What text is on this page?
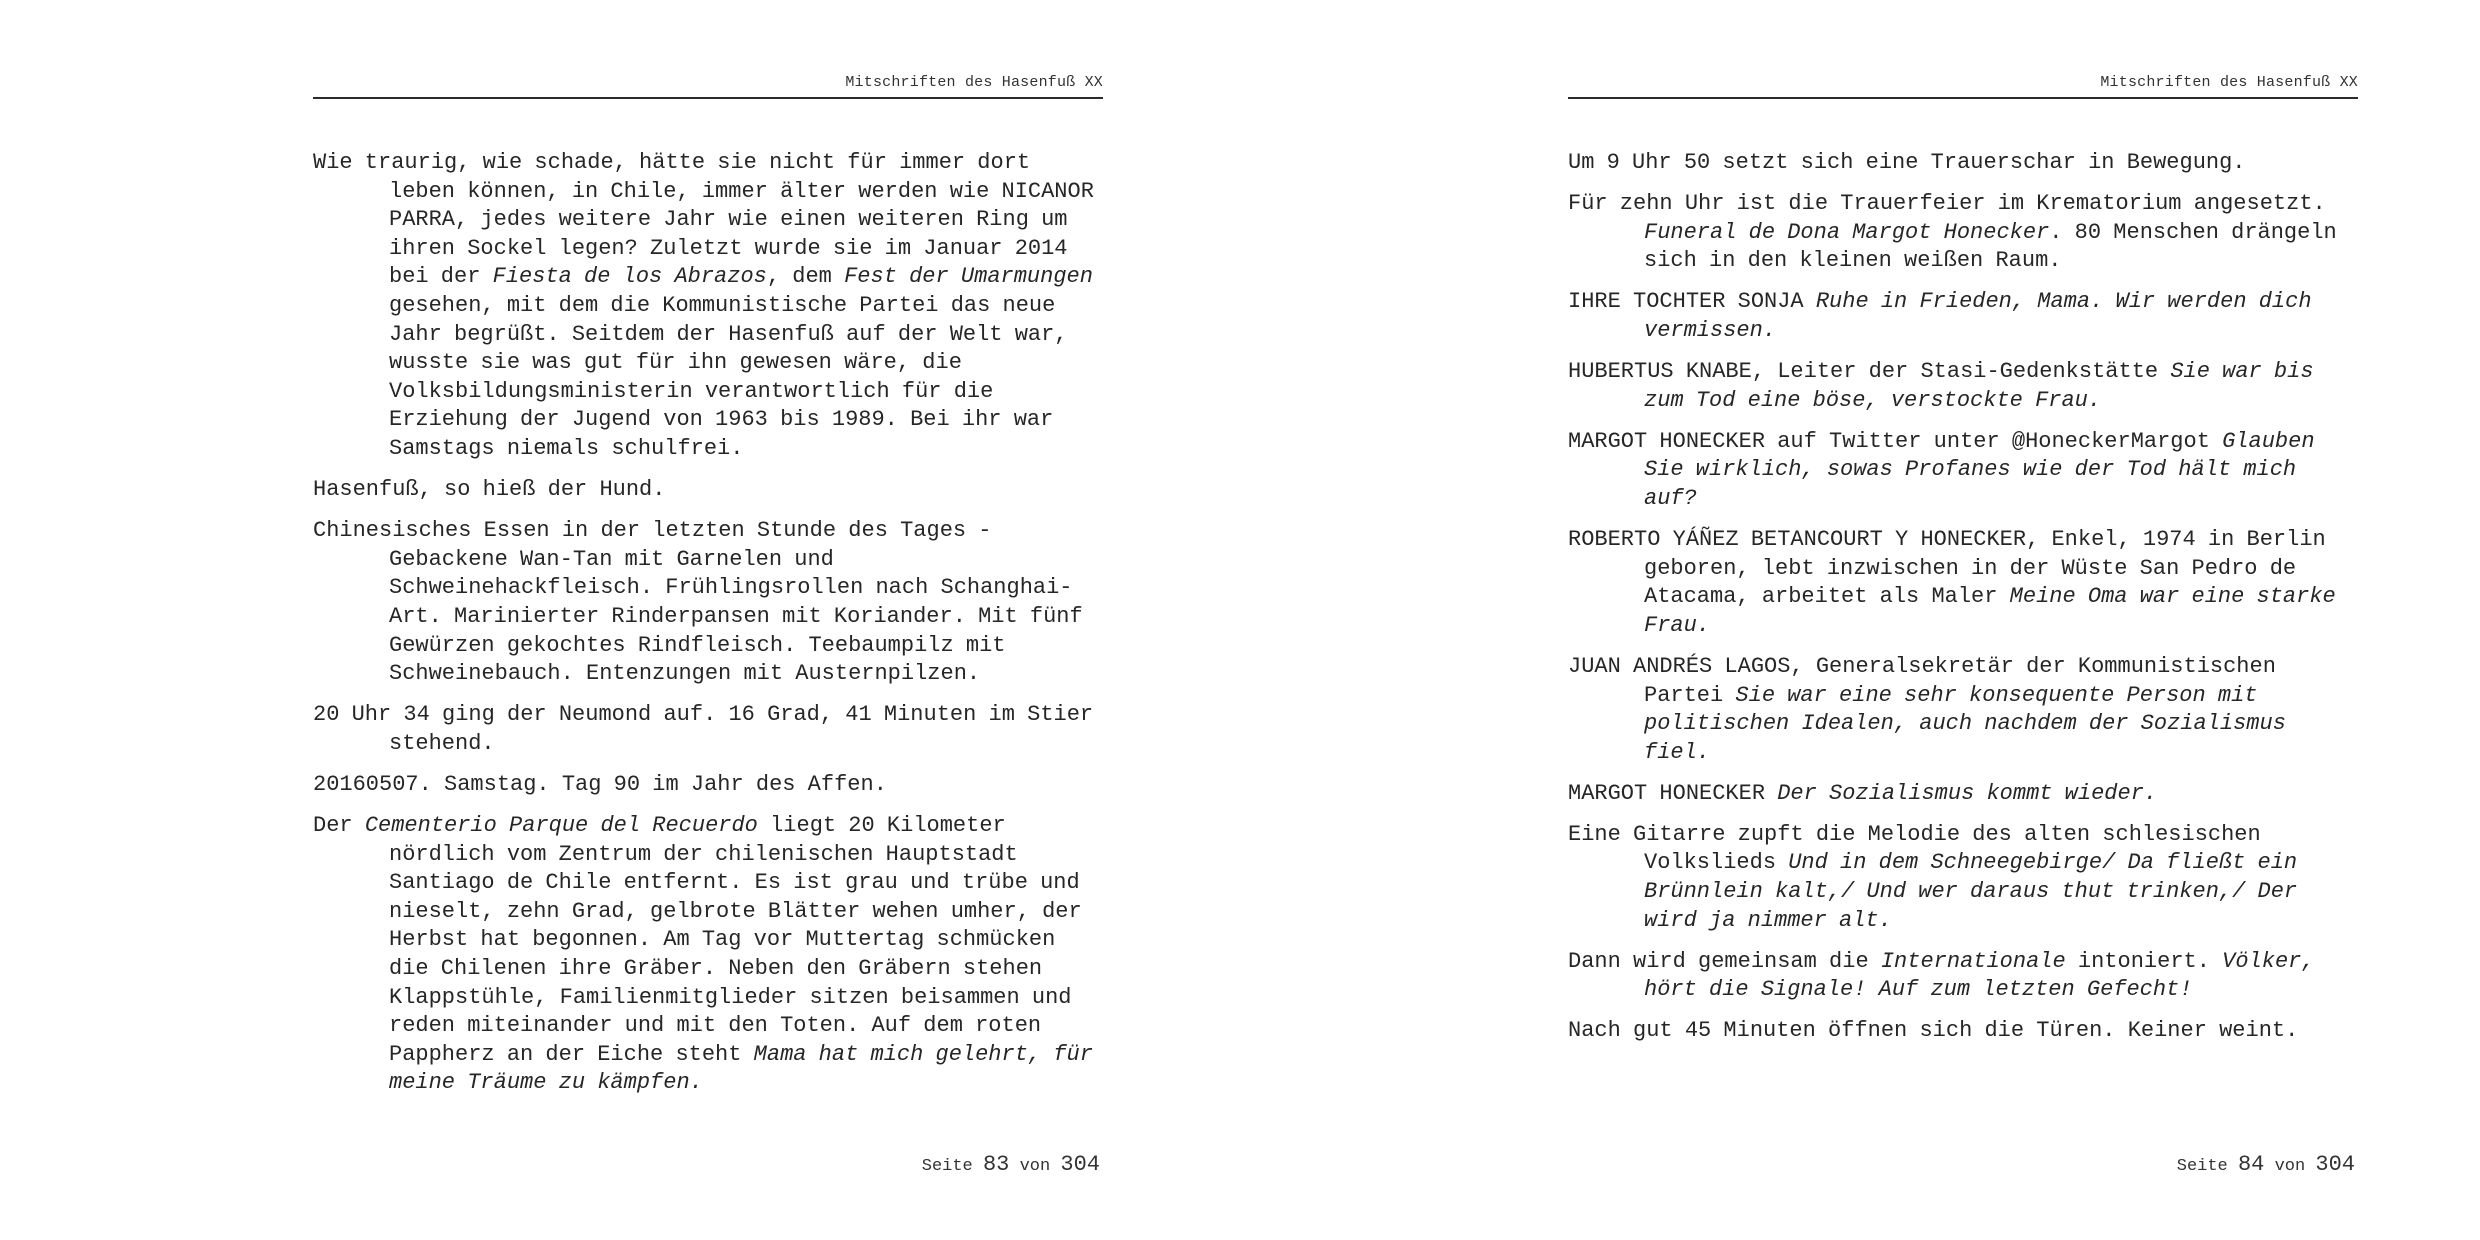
Mitschriften des Hasenfuß XX

Wie traurig, wie schade, hätte sie nicht für immer dort leben können, in Chile, immer älter werden wie NICANOR PARRA, jedes weitere Jahr wie einen weiteren Ring um ihren Sockel legen? Zuletzt wurde sie im Januar 2014 bei der Fiesta de los Abrazos, dem Fest der Umarmungen gesehen, mit dem die Kommunistische Partei das neue Jahr begrüßt. Seitdem der Hasenfuß auf der Welt war, wusste sie was gut für ihn gewesen wäre, die Volksbildungsministerin verantwortlich für die Erziehung der Jugend von 1963 bis 1989. Bei ihr war Samstags niemals schulfrei.

Hasenfuß, so hieß der Hund.

Chinesisches Essen in der letzten Stunde des Tages - Gebackene Wan-Tan mit Garnelen und Schweinehackfleisch. Frühlingsrollen nach Schanghai-Art. Marinierter Rinderpansen mit Koriander. Mit fünf Gewürzen gekochtes Rindfleisch. Teebaumpilz mit Schweinebauch. Entenzungen mit Austernpilzen.

20 Uhr 34 ging der Neumond auf. 16 Grad, 41 Minuten im Stier stehend.

20160507. Samstag. Tag 90 im Jahr des Affen.

Der Cementerio Parque del Recuerdo liegt 20 Kilometer nördlich vom Zentrum der chilenischen Hauptstadt Santiago de Chile entfernt. Es ist grau und trübe und nieselt, zehn Grad, gelbrote Blätter wehen umher, der Herbst hat begonnen. Am Tag vor Muttertag schmücken die Chilenen ihre Gräber. Neben den Gräbern stehen Klappstühle, Familienmitglieder sitzen beisammen und reden miteinander und mit den Toten. Auf dem roten Pappherz an der Eiche steht Mama hat mich gelehrt, für meine Träume zu kämpfen.

Seite 83 von 304
Mitschriften des Hasenfuß XX

Um 9 Uhr 50 setzt sich eine Trauerschar in Bewegung.

Für zehn Uhr ist die Trauerfeier im Krematorium angesetzt. Funeral de Dona Margot Honecker. 80 Menschen drängeln sich in den kleinen weißen Raum.

IHRE TOCHTER SONJA Ruhe in Frieden, Mama. Wir werden dich vermissen.

HUBERTUS KNABE, Leiter der Stasi-Gedenkstätte Sie war bis zum Tod eine böse, verstockte Frau.

MARGOT HONECKER auf Twitter unter @HoneckerMargot Glauben Sie wirklich, sowas Profanes wie der Tod hält mich auf?

ROBERTO YÁÑEZ BETANCOURT Y HONECKER, Enkel, 1974 in Berlin geboren, lebt inzwischen in der Wüste San Pedro de Atacama, arbeitet als Maler Meine Oma war eine starke Frau.

JUAN ANDRÉS LAGOS, Generalsekretär der Kommunistischen Partei Sie war eine sehr konsequente Person mit politischen Idealen, auch nachdem der Sozialismus fiel.

MARGOT HONECKER Der Sozialismus kommt wieder.

Eine Gitarre zupft die Melodie des alten schlesischen Volkslieds Und in dem Schneegebirge/ Da fließt ein Brünnlein kalt,/ Und wer daraus thut trinken,/ Der wird ja nimmer alt.

Dann wird gemeinsam die Internationale intoniert. Völker, hört die Signale! Auf zum letzten Gefecht!

Nach gut 45 Minuten öffnen sich die Türen. Keiner weint.

Seite 84 von 304
